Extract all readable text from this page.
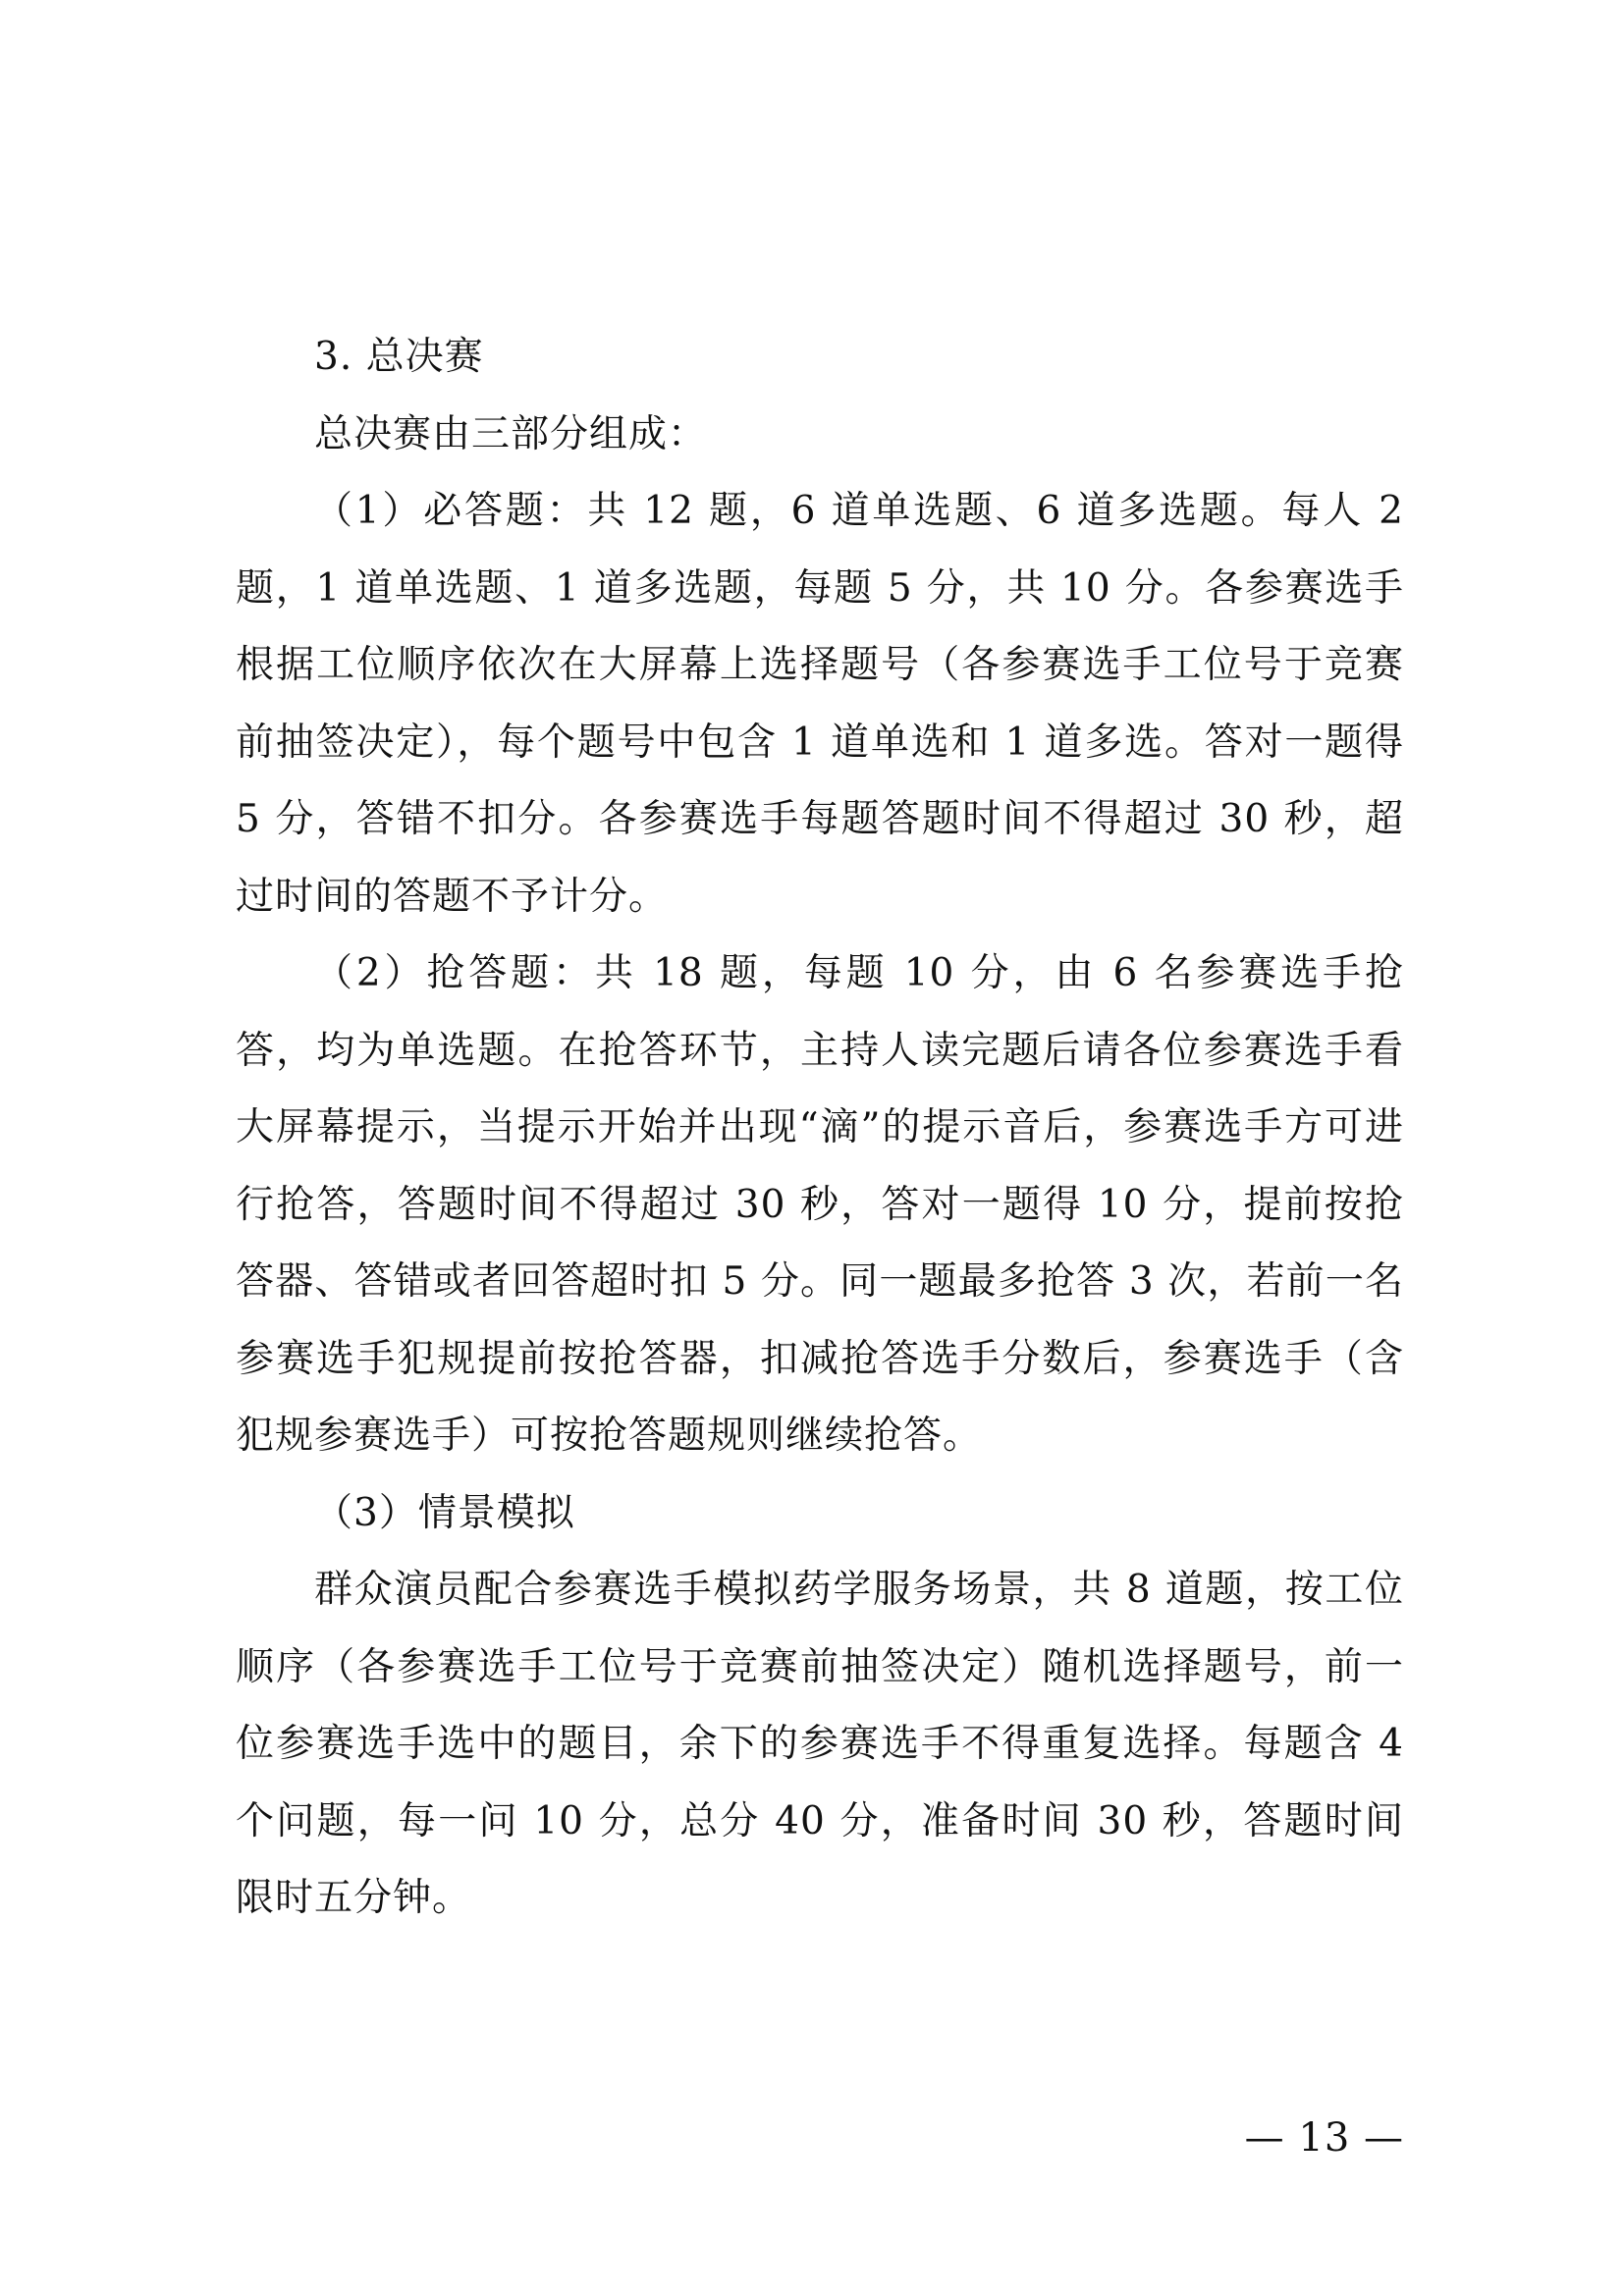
3. 总决赛

总决赛由三部分组成：

（1）必答题：共 12 题，6 道单选题、6 道多选题。每人 2 题，1 道单选题、1 道多选题，每题 5 分，共 10 分。各参赛选手根据工位顺序依次在大屏幕上选择题号（各参赛选手工位号于竞赛前抽签决定），每个题号中包含 1 道单选和 1 道多选。答对一题得 5 分，答错不扣分。各参赛选手每题答题时间不得超过 30 秒，超过时间的答题不予计分。

（2）抢答题：共 18 题，每题 10 分，由 6 名参赛选手抢答，均为单选题。在抢答环节，主持人读完题后请各位参赛选手看大屏幕提示，当提示开始并出现“滴”的提示音后，参赛选手方可进行抢答，答题时间不得超过 30 秒，答对一题得 10 分，提前按抢答器、答错或者回答超时扣 5 分。同一题最多抢答 3 次，若前一名参赛选手犯规提前按抢答器，扣减抢答选手分数后，参赛选手（含犯规参赛选手）可按抢答题规则继续抢答。

（3）情景模拟

群众演员配合参赛选手模拟药学服务场景，共 8 道题，按工位顺序（各参赛选手工位号于竞赛前抽签决定）随机选择题号，前一位参赛选手选中的题目，余下的参赛选手不得重复选择。每题含 4 个问题，每一问 10 分，总分 40 分，准备时间 30 秒，答题时间限时五分钟。

— 13 —
